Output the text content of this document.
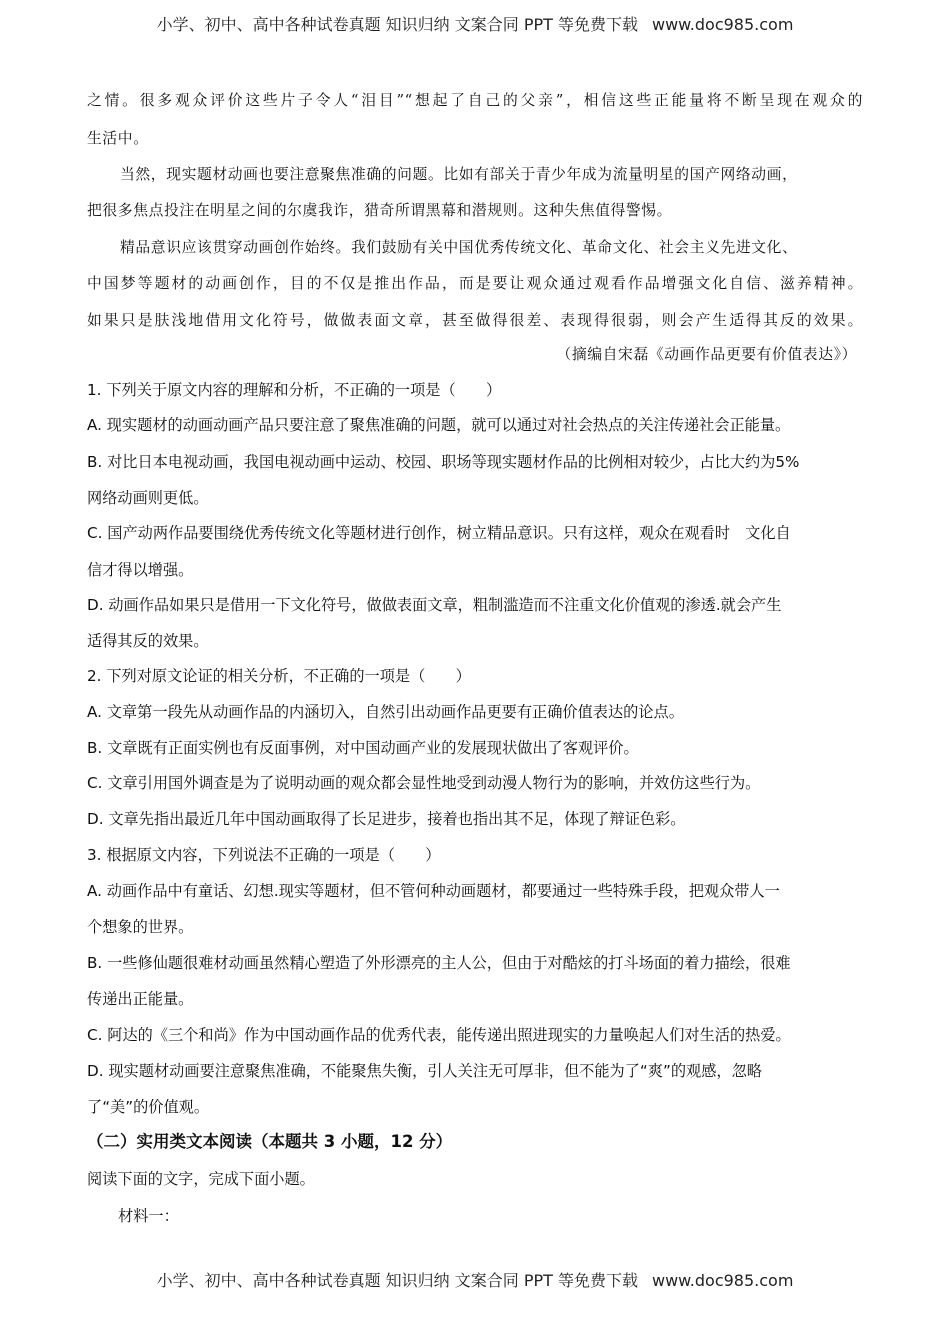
小学、初中、高中各种试卷真题 知识归纳 文案合同 PPT 等免费下载 www.doc985.com
之情。很多观众评价这些片子令人“泪目”“想起了自己的父亲”，相信这些正能量将不断呈现在观众的
生活中。
当然，现实题材动画也要注意聚焦准确的问题。比如有部关于青少年成为流量明星的国产网络动画，
把很多焦点投注在明星之间的尔虞我诈，猎奇所谓黑幕和潜规则。这种失焦值得警惕。
精品意识应该贯穿动画创作始终。我们鼓励有关中国优秀传统文化、革命文化、社会主义先进文化、
中国梦等题材的动画创作，目的不仅是推出作品，而是要让观众通过观看作品增强文化自信、滋养精神。
如果只是肤浅地借用文化符号，做做表面文章，甚至做得很差、表现得很弱，则会产生适得其反的效果。
（摘编自宋磊《动画作品更要有价值表达》）
1. 下列关于原文内容的理解和分析，不正确的一项是（　　）
A. 现实题材的动画动画产品只要注意了聚焦准确的问题，就可以通过对社会热点的关注传递社会正能量。
B. 对比日本电视动画，我国电视动画中运动、校园、职场等现实题材作品的比例相对较少，占比大约为5%
网络动画则更低。
C. 国产动两作品要围绕优秀传统文化等题材进行创作，树立精品意识。只有这样，观众在观看时　文化自
信才得以增强。
D. 动画作品如果只是借用一下文化符号，做做表面文章，粗制滥造而不注重文化价值观的渗透.就会产生
适得其反的效果。
2. 下列对原文论证的相关分析，不正确的一项是（　　）
A. 文章第一段先从动画作品的内涵切入，自然引出动画作品更要有正确价值表达的论点。
B. 文章既有正面实例也有反面事例，对中国动画产业的发展现状做出了客观评价。
C. 文章引用国外调查是为了说明动画的观众都会显性地受到动漫人物行为的影响，并效仿这些行为。
D. 文章先指出最近几年中国动画取得了长足进步，接着也指出其不足，体现了辩证色彩。
3. 根据原文内容，下列说法不正确的一项是（　　）
A. 动画作品中有童话、幻想.现实等题材，但不管何种动画题材，都要通过一些特殊手段，把观众带人一
个想象的世界。
B. 一些修仙题很难材动画虽然精心塑造了外形漂亮的主人公，但由于对酷炫的打斗场面的着力描绘，很难
传递出正能量。
C. 阿达的《三个和尚》作为中国动画作品的优秀代表，能传递出照进现实的力量唤起人们对生活的热爱。
D. 现实题材动画要注意聚焦准确，不能聚焦失衡，引人关注无可厚非，但不能为了“爽”的观感，忽略
了“美”的价值观。
（二）实用类文本阅读（本题共 3 小题，12 分）
阅读下面的文字，完成下面小题。
材料一：
小学、初中、高中各种试卷真题 知识归纳 文案合同 PPT 等免费下载 www.doc985.com
